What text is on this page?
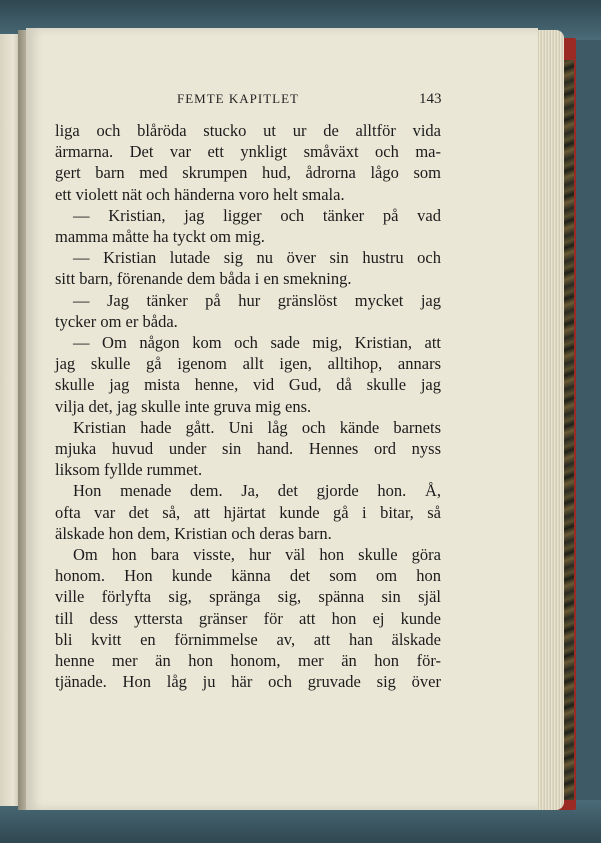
FEMTE KAPITLET	143
liga och blåröda stucko ut ur de alltför vida
ärmarna. Det var ett ynkligt småväxt och ma-
gert barn med skrumpen hud, ådrorna lågo som
ett violett nät och händerna voro helt smala.
— Kristian, jag ligger och tänker på vad
mamma måtte ha tyckt om mig.
— Kristian lutade sig nu över sin hustru och
sitt barn, förenande dem båda i en smekning.
— Jag tänker på hur gränslöst mycket jag
tycker om er båda.
— Om någon kom och sade mig, Kristian, att
jag skulle gå igenom allt igen, alltihop, annars
skulle jag mista henne, vid Gud, då skulle jag
vilja det, jag skulle inte gruva mig ens.
Kristian hade gått. Uni låg och kände barnets
mjuka huvud under sin hand. Hennes ord nyss
liksom fyllde rummet.
Hon menade dem. Ja, det gjorde hon. Å,
ofta var det så, att hjärtat kunde gå i bitar, så
älskade hon dem, Kristian och deras barn.
Om hon bara visste, hur väl hon skulle göra
honom. Hon kunde känna det som om hon
ville förlyfta sig, spränga sig, spänna sin själ
till dess yttersta gränser för att hon ej kunde
bli kvitt en förnimmelse av, att han älskade
henne mer än hon honom, mer än hon för-
tjänade. Hon låg ju här och gruvade sig över
